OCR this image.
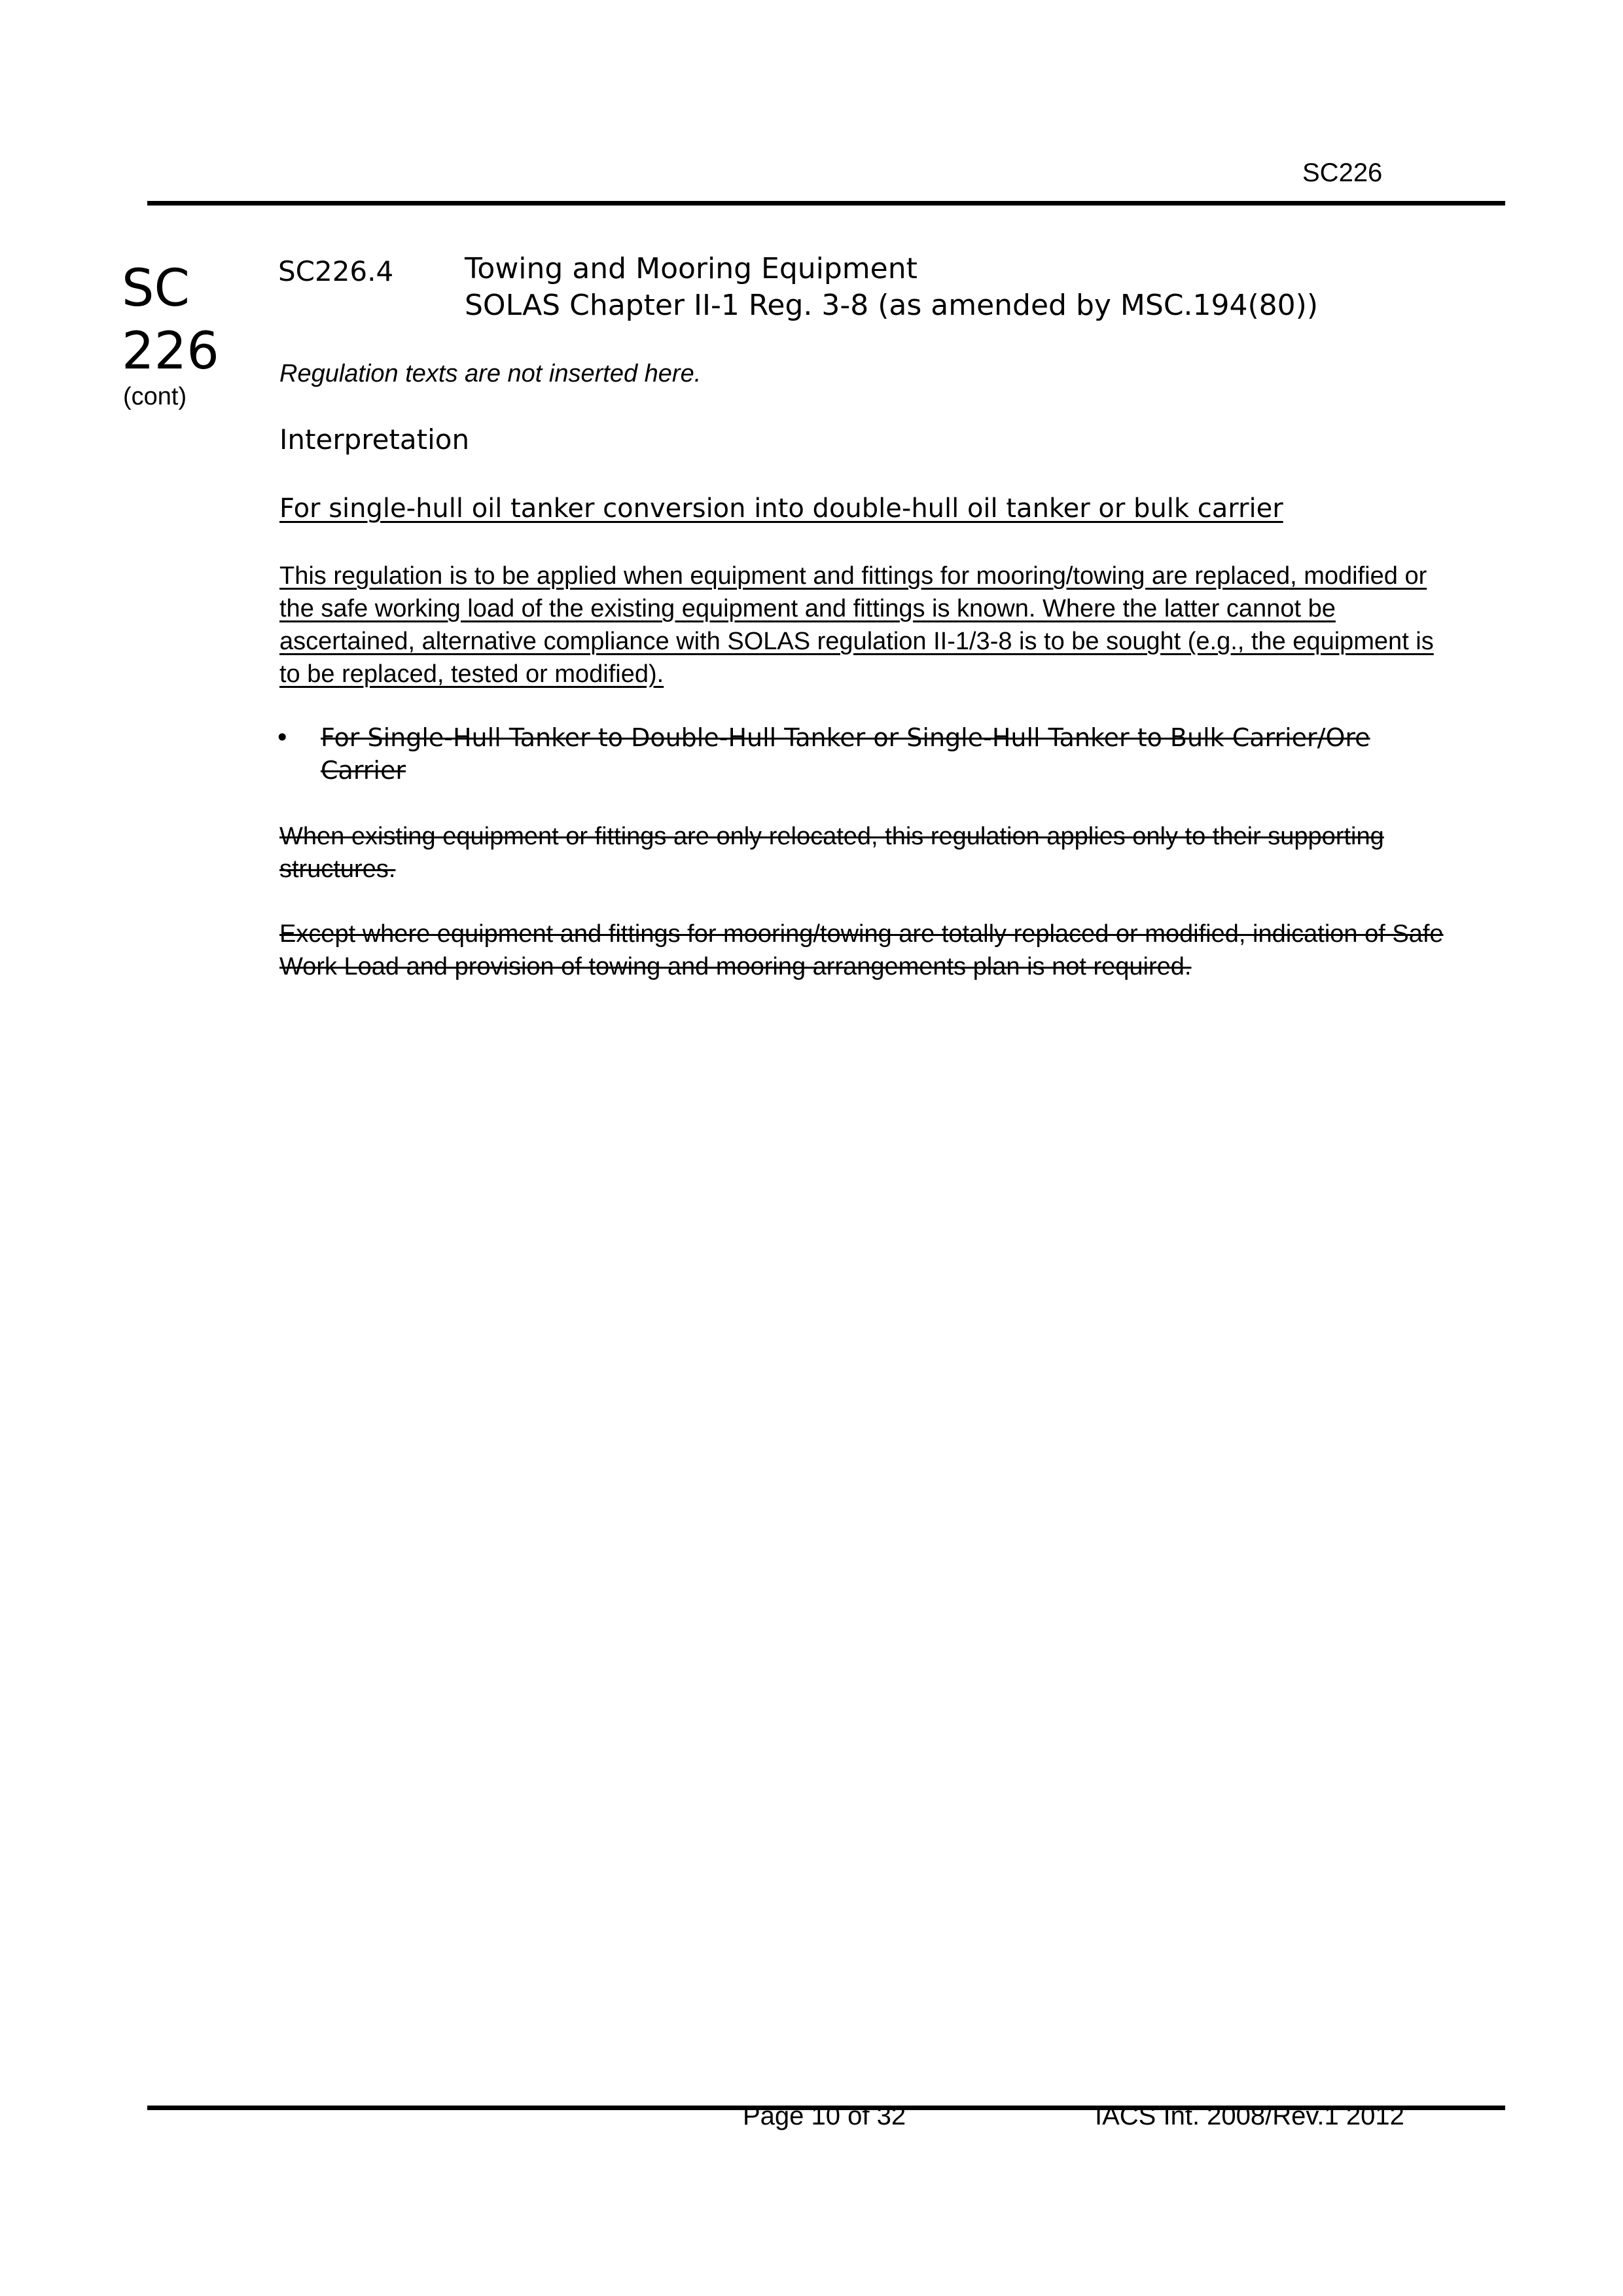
SC226
SC
226
(cont)
SC226.4 Towing and Mooring Equipment
SOLAS Chapter II-1 Reg. 3-8 (as amended by MSC.194(80))
Regulation texts are not inserted here.
Interpretation
For single-hull oil tanker conversion into double-hull oil tanker or bulk carrier
This regulation is to be applied when equipment and fittings for mooring/towing are replaced, modified or the safe working load of the existing equipment and fittings is known. Where the latter cannot be ascertained, alternative compliance with SOLAS regulation II-1/3-8 is to be sought (e.g., the equipment is to be replaced, tested or modified).
•	For Single-Hull Tanker to Double-Hull Tanker or Single-Hull Tanker to Bulk Carrier/Ore Carrier
When existing equipment or fittings are only relocated, this regulation applies only to their supporting structures.
Except where equipment and fittings for mooring/towing are totally replaced or modified, indication of Safe Work Load and provision of towing and mooring arrangements plan is not required.
Page 10 of 32	IACS Int. 2008/Rev.1 2012
